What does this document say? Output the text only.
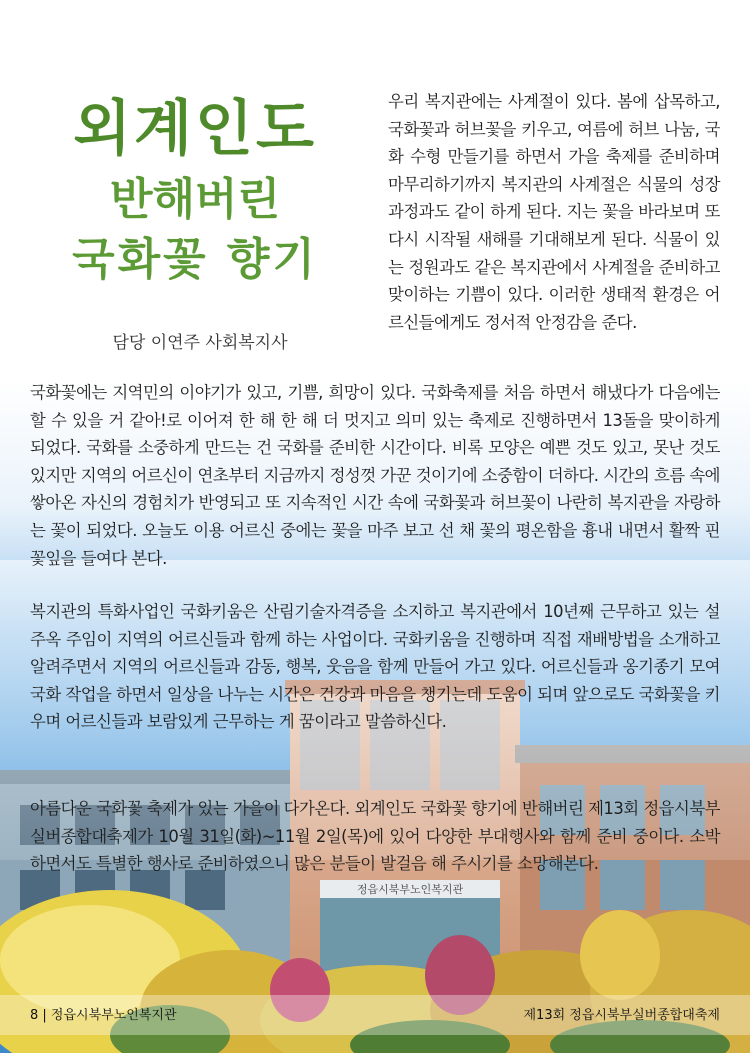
정읍시북부노인복지관
외계인도
반해버린
국화꽃 향기
담당 이연주 사회복지사

우리 복지관에는 사계절이 있다. 봄에 삽목하고, 국화꽃과 허브꽃을 키우고, 여름에 허브 나눔, 국화 수형 만들기를 하면서 가을 축제를 준비하며 마무리하기까지 복지관의 사계절은 식물의 성장 과정과도 같이 하게 된다. 지는 꽃을 바라보며 또다시 시작될 새해를 기대해보게 된다. 식물이 있는 정원과도 같은 복지관에서 사계절을 준비하고 맞이하는 기쁨이 있다. 이러한 생태적 환경은 어르신들에게도 정서적 안정감을 준다.

국화꽃에는 지역민의 이야기가 있고, 기쁨, 희망이 있다. 국화축제를 처음 하면서 해냈다가 다음에는 할 수 있을 거 같아!로 이어져 한 해 한 해 더 멋지고 의미 있는 축제로 진행하면서 13돌을 맞이하게 되었다. 국화를 소중하게 만드는 건 국화를 준비한 시간이다. 비록 모양은 예쁜 것도 있고, 못난 것도 있지만 지역의 어르신이 연초부터 지금까지 정성껏 가꾼 것이기에 소중함이 더하다. 시간의 흐름 속에 쌓아온 자신의 경험치가 반영되고 또 지속적인 시간 속에 국화꽃과 허브꽃이 나란히 복지관을 자랑하는 꽃이 되었다. 오늘도 이용 어르신 중에는 꽃을 마주 보고 선 채 꽃의 평온함을 흉내 내면서 활짝 핀 꽃잎을 들여다 본다.

복지관의 특화사업인 국화키움은 산림기술자격증을 소지하고 복지관에서 10년째 근무하고 있는 설주옥 주임이 지역의 어르신들과 함께 하는 사업이다. 국화키움을 진행하며 직접 재배방법을 소개하고 알려주면서 지역의 어르신들과 감동, 행복, 웃음을 함께 만들어 가고 있다. 어르신들과 옹기종기 모여 국화 작업을 하면서 일상을 나누는 시간은 건강과 마음을 챙기는데 도움이 되며 앞으로도 국화꽃을 키우며 어르신들과 보람있게 근무하는 게 꿈이라고 말씀하신다.

아름다운 국화꽃 축제가 있는 가을이 다가온다. 외계인도 국화꽃 향기에 반해버린 제13회 정읍시북부실버종합대축제가 10월 31일(화)~11월 2일(목)에 있어 다양한 부대행사와 함께 준비 중이다. 소박하면서도 특별한 행사로 준비하였으니 많은 분들이 발걸음 해 주시기를 소망해본다.

8 | 정읍시북부노인복지관	제13회 정읍시북부실버종합대축제
